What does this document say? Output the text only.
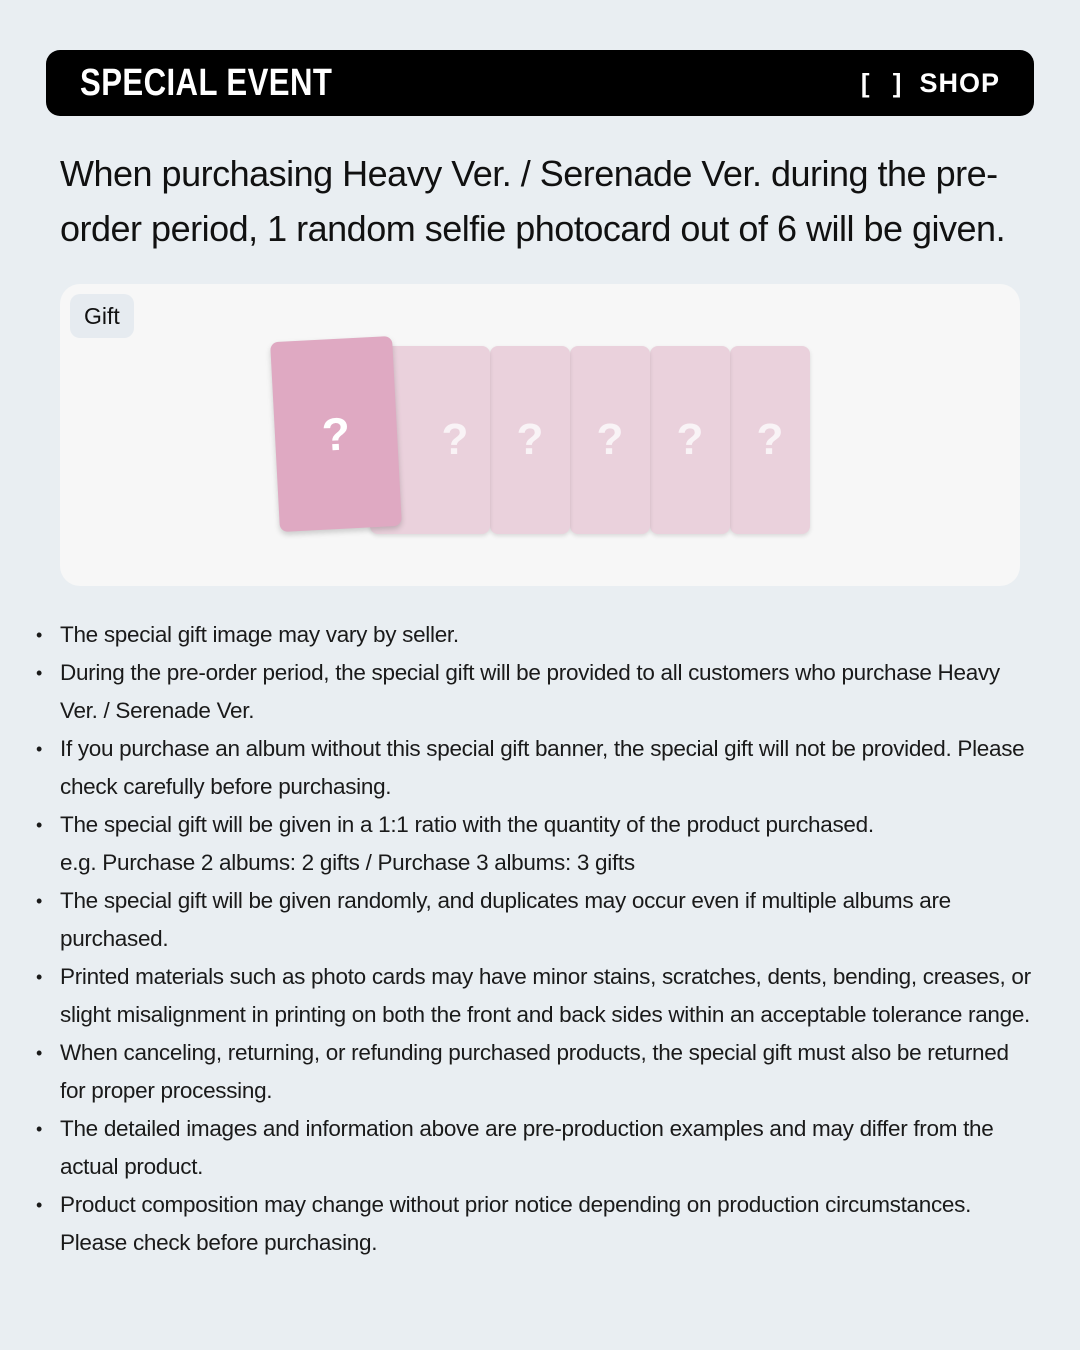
SPECIAL EVENT	[ ] SHOP
When purchasing Heavy Ver. / Serenade Ver. during the pre-order period, 1 random selfie photocard out of 6 will be given.
Gift
?
?
?
?
?
?
• The special gift image may vary by seller.
• During the pre-order period, the special gift will be provided to all customers who purchase Heavy Ver. / Serenade Ver.
• If you purchase an album without this special gift banner, the special gift will not be provided. Please check carefully before purchasing.
• The special gift will be given in a 1:1 ratio with the quantity of the product purchased.
e.g. Purchase 2 albums: 2 gifts / Purchase 3 albums: 3 gifts
• The special gift will be given randomly, and duplicates may occur even if multiple albums are purchased.
• Printed materials such as photo cards may have minor stains, scratches, dents, bending, creases, or slight misalignment in printing on both the front and back sides within an acceptable tolerance range.
• When canceling, returning, or refunding purchased products, the special gift must also be returned for proper processing.
• The detailed images and information above are pre-production examples and may differ from the actual product.
• Product composition may change without prior notice depending on production circumstances.
Please check before purchasing.
